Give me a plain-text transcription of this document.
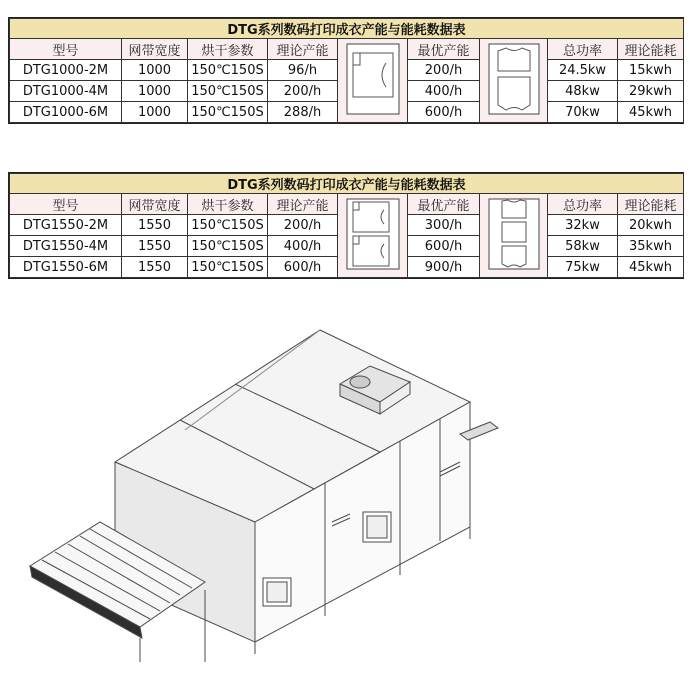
DTG系列数码打印成衣产能与能耗数据表								
型号	网带宽度	烘干参数	理论产能		最优产能		总功率	理论能耗
DTG1000-2M	1000	150℃150S	96/h		200/h		24.5kw	15kwh
DTG1000-4M	1000	150℃150S	200/h		400/h		48kw	29kwh
DTG1000-6M	1000	150℃150S	288/h		600/h		70kw	45kwh
DTG系列数码打印成衣产能与能耗数据表								
型号	网带宽度	烘干参数	理论产能		最优产能		总功率	理论能耗
DTG1550-2M	1550	150℃150S	200/h		300/h		32kw	20kwh
DTG1550-4M	1550	150℃150S	400/h		600/h		58kw	35kwh
DTG1550-6M	1550	150℃150S	600/h		900/h		75kw	45kwh
